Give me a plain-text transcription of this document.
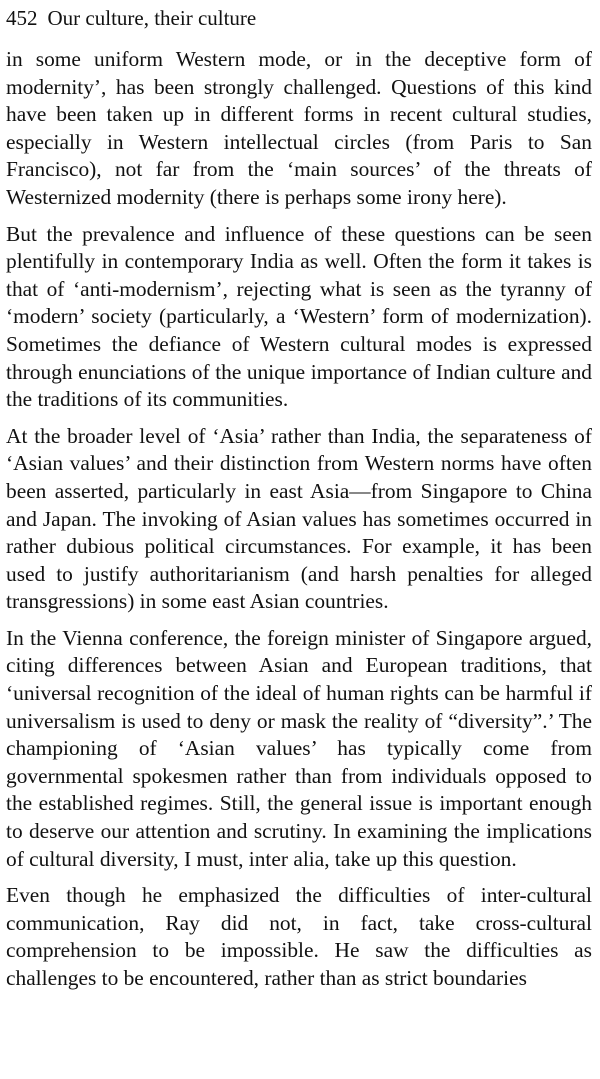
452 Our culture, their culture

in some uniform Western mode, or in the deceptive form of modernity’, has been strongly challenged. Questions of this kind have been taken up in different forms in recent cultural studies, especially in Western intellectual circles (from Paris to San Francisco), not far from the ‘main sources’ of the threats of Westernized modernity (there is perhaps some irony here).

But the prevalence and influence of these questions can be seen plentifully in contemporary India as well. Often the form it takes is that of ‘anti-modernism’, rejecting what is seen as the tyranny of ‘modern’ society (particularly, a ‘Western’ form of modernization). Sometimes the defiance of Western cultural modes is expressed through enunciations of the unique importance of Indian culture and the traditions of its communities.

At the broader level of ‘Asia’ rather than India, the separateness of ‘Asian values’ and their distinction from Western norms have often been asserted, particularly in east Asia—from Singapore to China and Japan. The invoking of Asian values has sometimes occurred in rather dubious political circumstances. For example, it has been used to justify authoritarianism (and harsh penalties for alleged transgressions) in some east Asian countries.

In the Vienna conference, the foreign minister of Singapore argued, citing differences between Asian and European traditions, that ‘universal recognition of the ideal of human rights can be harmful if universalism is used to deny or mask the reality of “diversity”.’ The championing of ‘Asian values’ has typically come from governmental spokesmen rather than from individuals opposed to the established regimes. Still, the general issue is important enough to deserve our attention and scrutiny. In examining the implications of cultural diversity, I must, inter alia, take up this question.

Even though he emphasized the difficulties of inter-cultural communication, Ray did not, in fact, take cross-cultural comprehension to be impossible. He saw the difficulties as challenges to be encountered, rather than as strict boundaries
